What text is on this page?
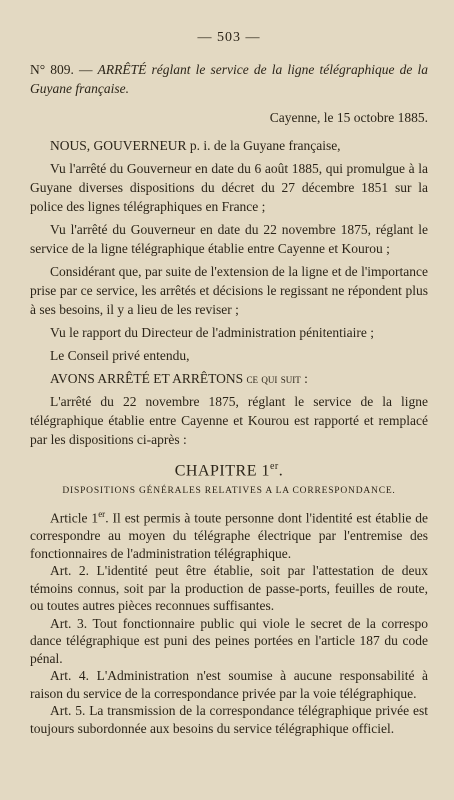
— 503 —

N° 809. — ARRÊTÉ réglant le service de la ligne télégraphique de la Guyane française.

Cayenne, le 15 octobre 1885.

NOUS, GOUVERNEUR p. i. de la Guyane française,

Vu l'arrêté du Gouverneur en date du 6 août 1885, qui promulgue à la Guyane diverses dispositions du décret du 27 décembre 1851 sur la police des lignes télégraphiques en France ;

Vu l'arrêté du Gouverneur en date du 22 novembre 1875, réglant le service de la ligne télégraphique établie entre Cayenne et Kourou ;

Considérant que, par suite de l'extension de la ligne et de l'importance prise par ce service, les arrêtés et décisions le regissant ne répondent plus à ses besoins, il y a lieu de les reviser ;

Vu le rapport du Directeur de l'administration pénitentiaire ;

Le Conseil privé entendu,

AVONS ARRÊTÉ ET ARRÊTONS ce qui suit :

L'arrêté du 22 novembre 1875, réglant le service de la ligne télégraphique établie entre Cayenne et Kourou est rapporté et remplacé par les dispositions ci-après :

CHAPITRE 1er.
DISPOSITIONS GÉNÉRALES RELATIVES A LA CORRESPONDANCE.

Article 1er. Il est permis à toute personne dont l'identité est établie de correspondre au moyen du télégraphe électrique par l'entremise des fonctionnaires de l'administration télégraphique.

Art. 2. L'identité peut être établie, soit par l'attestation de deux témoins connus, soit par la production de passe-ports, feuilles de route, ou toutes autres pièces reconnues suffisantes.

Art. 3. Tout fonctionnaire public qui viole le secret de la correspo dance télégraphique est puni des peines portées en l'article 187 du code pénal.

Art. 4. L'Administration n'est soumise à aucune responsabilité à raison du service de la correspondance privée par la voie télégraphique.

Art. 5. La transmission de la correspondance télégraphique privée est toujours subordonnée aux besoins du service télégraphique officiel.
